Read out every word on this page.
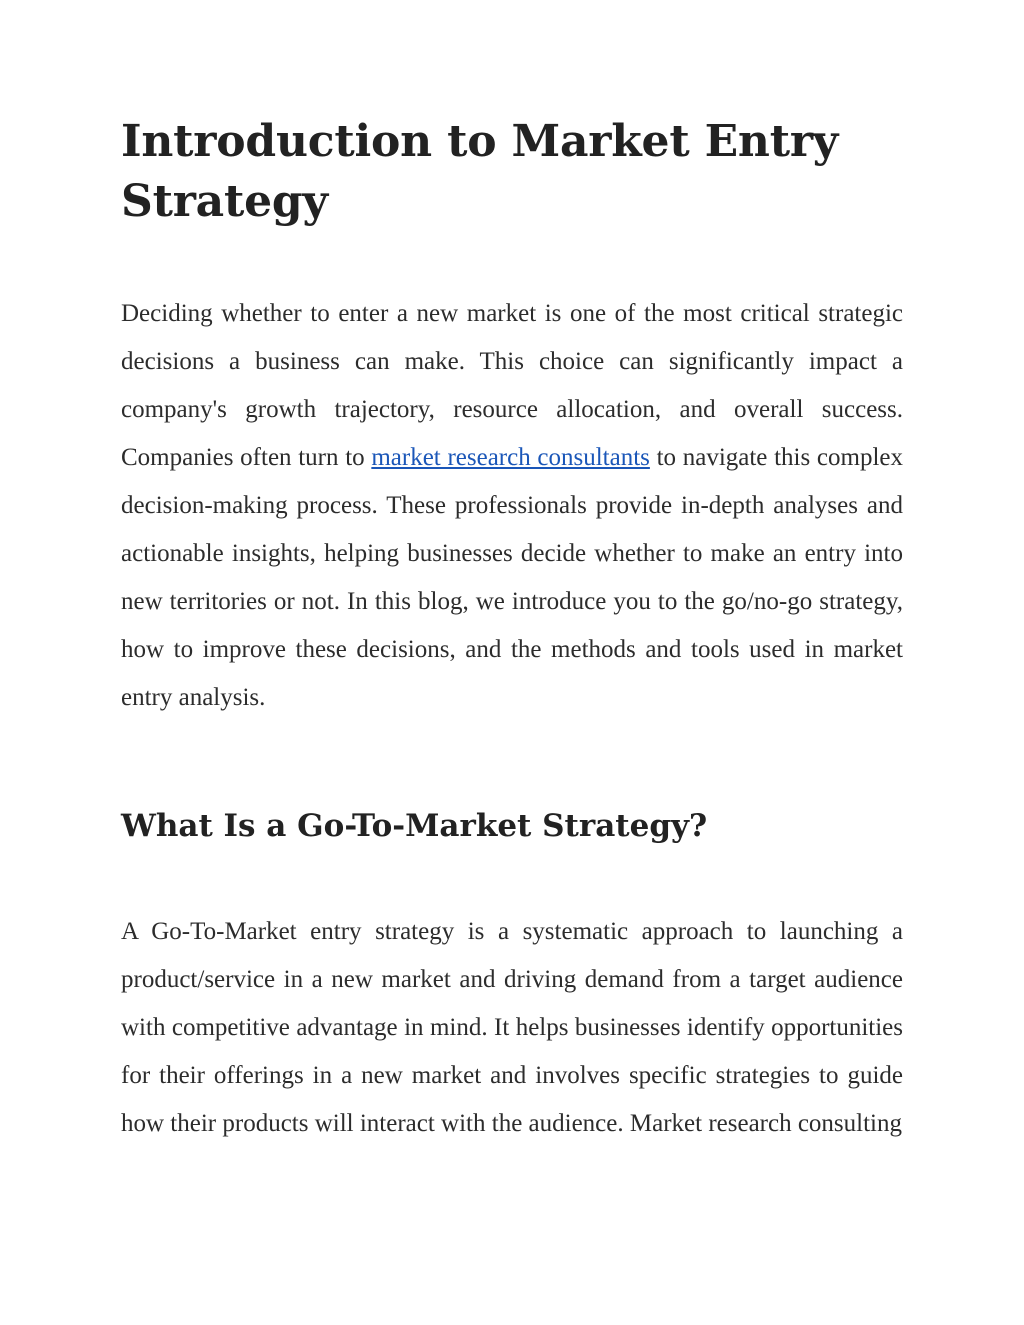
Introduction to Market Entry Strategy

Deciding whether to enter a new market is one of the most critical strategic decisions a business can make. This choice can significantly impact a company's growth trajectory, resource allocation, and overall success. Companies often turn to market research consultants to navigate this complex decision-making process. These professionals provide in-depth analyses and actionable insights, helping businesses decide whether to make an entry into new territories or not. In this blog, we introduce you to the go/no-go strategy, how to improve these decisions, and the methods and tools used in market entry analysis.

What Is a Go-To-Market Strategy?

A Go-To-Market entry strategy is a systematic approach to launching a product/service in a new market and driving demand from a target audience with competitive advantage in mind. It helps businesses identify opportunities for their offerings in a new market and involves specific strategies to guide how their products will interact with the audience. Market research consulting
